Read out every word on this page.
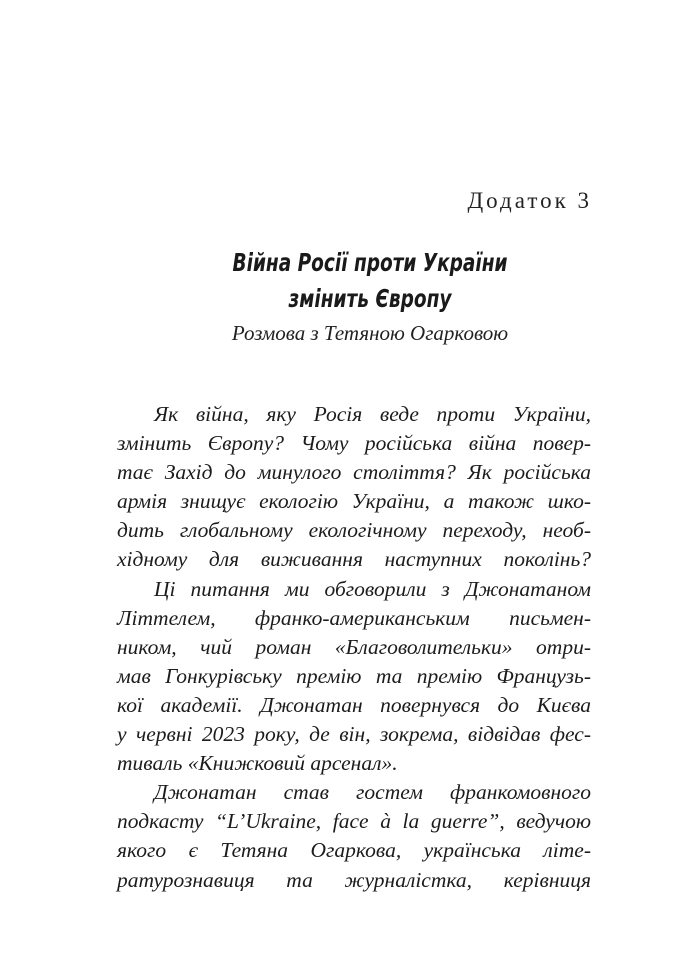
Додаток 3
Війна Росії проти України
змінить Європу
Розмова з Тетяною Огарковою
Як війна, яку Росія веде проти України,
змінить Європу? Чому російська війна повер-
тає Захід до минулого століття? Як російська
армія знищує екологію України, а також шко-
дить глобальному екологічному переходу, необ-
хідному для виживання наступних поколінь?
Ці питання ми обговорили з Джонатаном
Літтелем, франко-американським письмен-
ником, чий роман «Благоволительки» отри-
мав Гонкурівську премію та премію Французь-
кої академії. Джонатан повернувся до Києва
у червні 2023 року, де він, зокрема, відвідав фес-
тиваль «Книжковий арсенал».
Джонатан став гостем франкомовного
подкасту “L’Ukraine, face à la guerre”, ведучою
якого є Тетяна Огаркова, українська літе-
ратурознавиця та журналістка, керівниця
